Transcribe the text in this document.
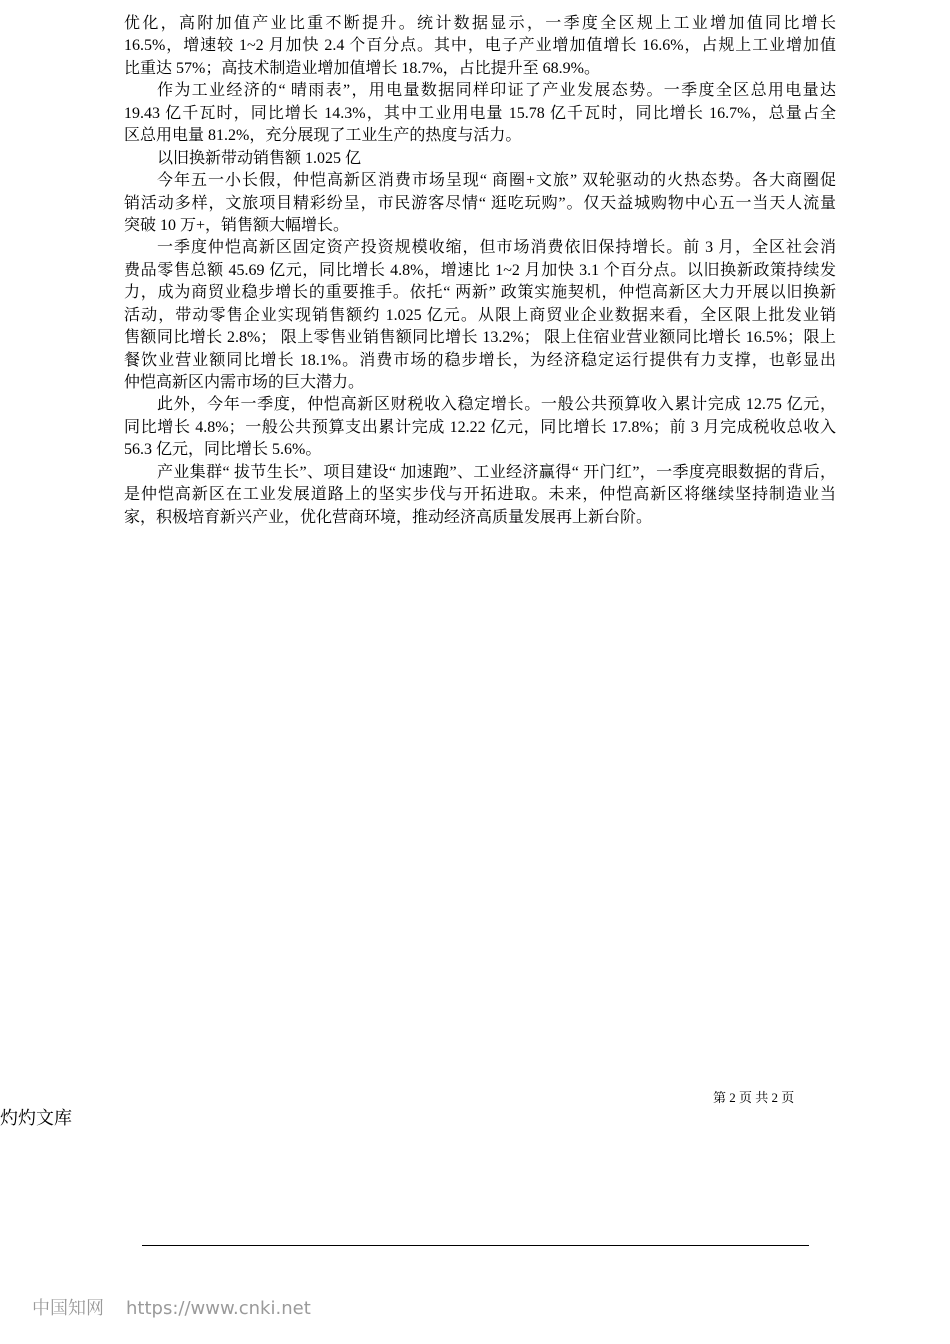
优化，高附加值产业比重不断提升。统计数据显示，一季度全区规上工业增加值同比增长
16.5%，增速较 1~2 月加快 2.4 个百分点。其中，电子产业增加值增长 16.6%，占规上工业增加值
比重达 57%；高技术制造业增加值增长 18.7%，占比提升至 68.9%。
作为工业经济的“ 晴雨表”，用电量数据同样印证了产业发展态势。一季度全区总用电量达
19.43 亿千瓦时，同比增长 14.3%，其中工业用电量 15.78 亿千瓦时，同比增长 16.7%，总量占全
区总用电量 81.2%，充分展现了工业生产的热度与活力。
以旧换新带动销售额 1.025 亿
今年五一小长假，仲恺高新区消费市场呈现“ 商圈+文旅” 双轮驱动的火热态势。各大商圈促
销活动多样，文旅项目精彩纷呈，市民游客尽情“ 逛吃玩购”。仅天益城购物中心五一当天人流量
突破 10 万+，销售额大幅增长。
一季度仲恺高新区固定资产投资规模收缩，但市场消费依旧保持增长。前 3 月，全区社会消
费品零售总额 45.69 亿元，同比增长 4.8%，增速比 1~2 月加快 3.1 个百分点。以旧换新政策持续发
力，成为商贸业稳步增长的重要推手。依托“ 两新” 政策实施契机，仲恺高新区大力开展以旧换新
活动，带动零售企业实现销售额约 1.025 亿元。从限上商贸业企业数据来看，全区限上批发业销
售额同比增长 2.8%； 限上零售业销售额同比增长 13.2%； 限上住宿业营业额同比增长 16.5%；限上
餐饮业营业额同比增长 18.1%。消费市场的稳步增长，为经济稳定运行提供有力支撑，也彰显出
仲恺高新区内需市场的巨大潜力。
此外，今年一季度，仲恺高新区财税收入稳定增长。一般公共预算收入累计完成 12.75 亿元，
同比增长 4.8%；一般公共预算支出累计完成 12.22 亿元，同比增长 17.8%；前 3 月完成税收总收入
56.3 亿元，同比增长 5.6%。
产业集群“ 拔节生长”、项目建设“ 加速跑”、工业经济赢得“ 开门红”，一季度亮眼数据的背后，
是仲恺高新区在工业发展道路上的坚实步伐与开拓进取。未来，仲恺高新区将继续坚持制造业当
家，积极培育新兴产业，优化营商环境，推动经济高质量发展再上新台阶。
第 2 页 共 2 页
灼灼文库
中国知网 https://www.cnki.net
